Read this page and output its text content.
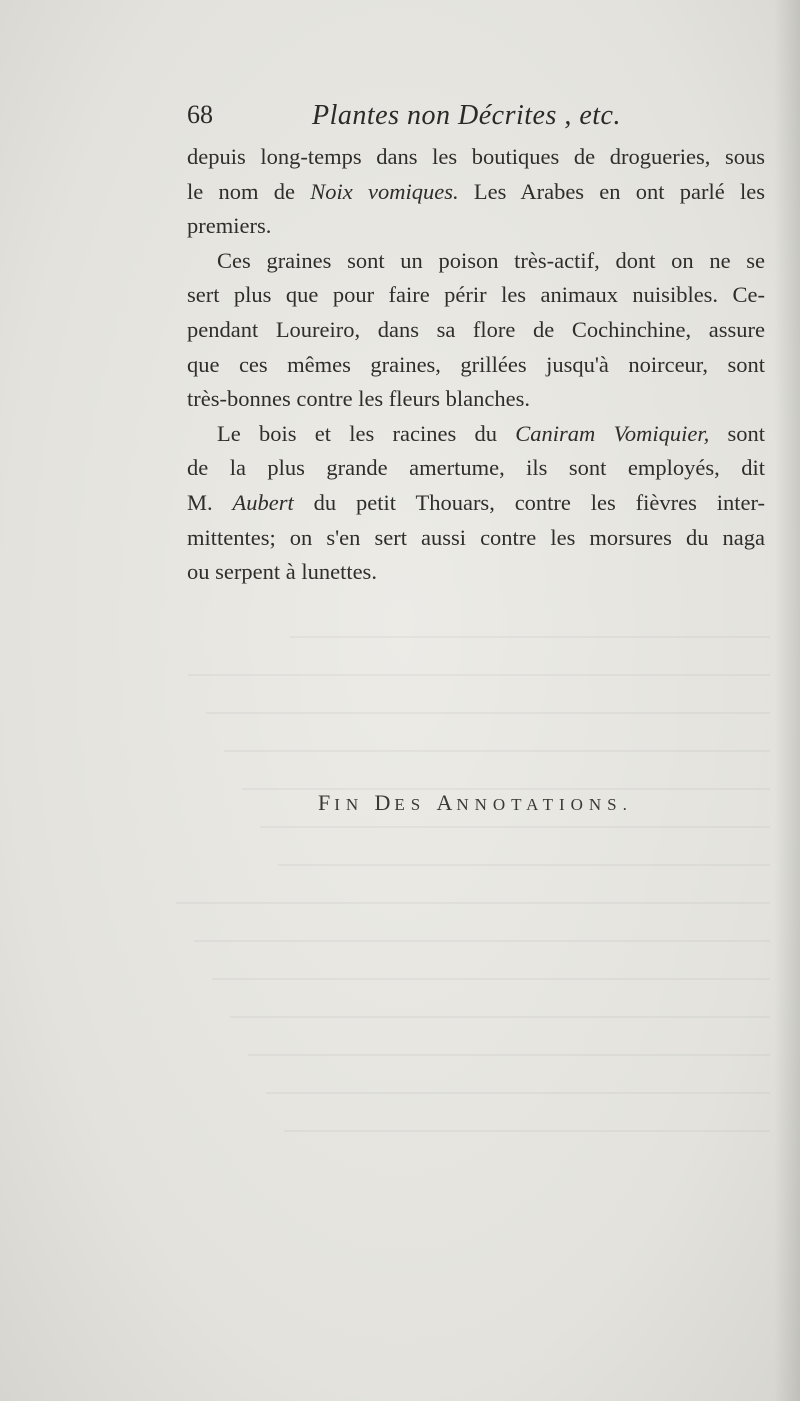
68	Plantes non Décrites , etc.
depuis long-temps dans les boutiques de drogueries, sous
le nom de Noix vomiques. Les Arabes en ont parlé les
premiers.
Ces graines sont un poison très-actif, dont on ne se
sert plus que pour faire périr les animaux nuisibles. Ce-
pendant Loureiro, dans sa flore de Cochinchine, assure
que ces mêmes graines, grillées jusqu'à noirceur, sont
très-bonnes contre les fleurs blanches.
Le bois et les racines du Caniram Vomiquier, sont
de la plus grande amertume, ils sont employés, dit
M. Aubert du petit Thouars, contre les fièvres inter-
mittentes; on s'en sert aussi contre les morsures du naga
ou serpent à lunettes.
FIN DES ANNOTATIONS.
